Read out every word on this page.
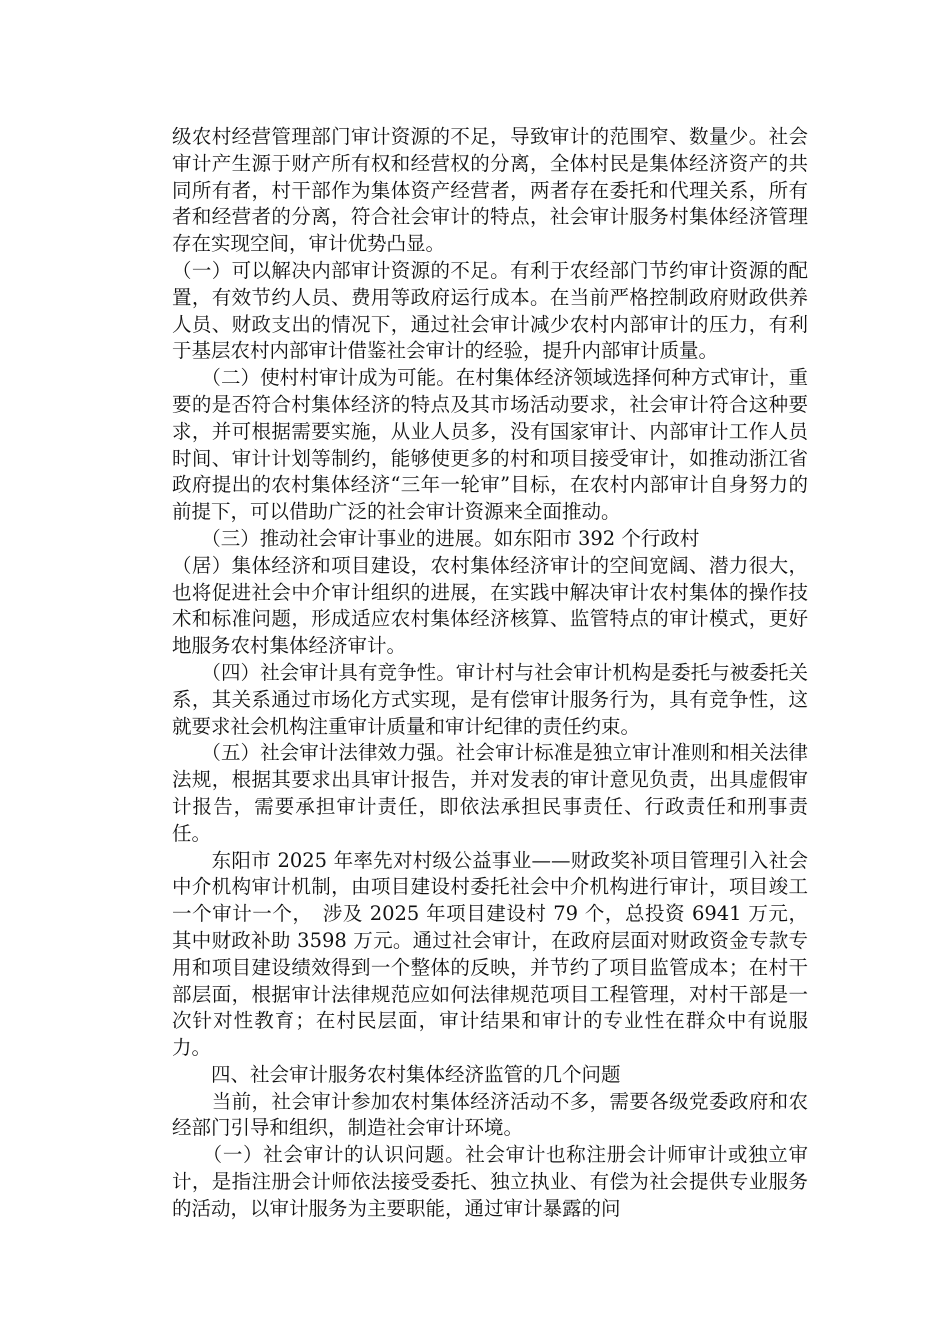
级农村经营管理部门审计资源的不足，导致审计的范围窄、数量少。社会审计产生源于财产所有权和经营权的分离，全体村民是集体经济资产的共同所有者，村干部作为集体资产经营者，两者存在委托和代理关系，所有者和经营者的分离，符合社会审计的特点，社会审计服务村集体经济管理存在实现空间，审计优势凸显。

（一）可以解决内部审计资源的不足。有利于农经部门节约审计资源的配置，有效节约人员、费用等政府运行成本。在当前严格控制政府财政供养人员、财政支出的情况下，通过社会审计减少农村内部审计的压力，有利于基层农村内部审计借鉴社会审计的经验，提升内部审计质量。

　　（二）使村村审计成为可能。在村集体经济领域选择何种方式审计，重要的是否符合村集体经济的特点及其市场活动要求，社会审计符合这种要求，并可根据需要实施，从业人员多，没有国家审计、内部审计工作人员时间、审计计划等制约，能够使更多的村和项目接受审计，如推动浙江省政府提出的农村集体经济“三年一轮审”目标，在农村内部审计自身努力的前提下，可以借助广泛的社会审计资源来全面推动。

　　（三）推动社会审计事业的进展。如东阳市 392 个行政村
（居）集体经济和项目建设，农村集体经济审计的空间宽阔、潜力很大，也将促进社会中介审计组织的进展，在实践中解决审计农村集体的操作技术和标准问题，形成适应农村集体经济核算、监管特点的审计模式，更好地服务农村集体经济审计。

　　（四）社会审计具有竞争性。审计村与社会审计机构是委托与被委托关系，其关系通过市场化方式实现，是有偿审计服务行为，具有竞争性，这就要求社会机构注重审计质量和审计纪律的责任约束。

　　（五）社会审计法律效力强。社会审计标准是独立审计准则和相关法律法规，根据其要求出具审计报告，并对发表的审计意见负责，出具虚假审计报告，需要承担审计责任，即依法承担民事责任、行政责任和刑事责任。

　　东阳市 2025 年率先对村级公益事业——财政奖补项目管理引入社会中介机构审计机制，由项目建设村委托社会中介机构进行审计，项目竣工一个审计一个，　涉及 2025 年项目建设村 79 个，总投资 6941 万元，其中财政补助 3598 万元。通过社会审计，在政府层面对财政资金专款专用和项目建设绩效得到一个整体的反映，并节约了项目监管成本；在村干部层面，根据审计法律规范应如何法律规范项目工程管理，对村干部是一次针对性教育；在村民层面，审计结果和审计的专业性在群众中有说服力。

　　四、社会审计服务农村集体经济监管的几个问题

　　当前，社会审计参加农村集体经济活动不多，需要各级党委政府和农经部门引导和组织，制造社会审计环境。

　　（一）社会审计的认识问题。社会审计也称注册会计师审计或独立审计，是指注册会计师依法接受委托、独立执业、有偿为社会提供专业服务的活动，以审计服务为主要职能，通过审计暴露的问
